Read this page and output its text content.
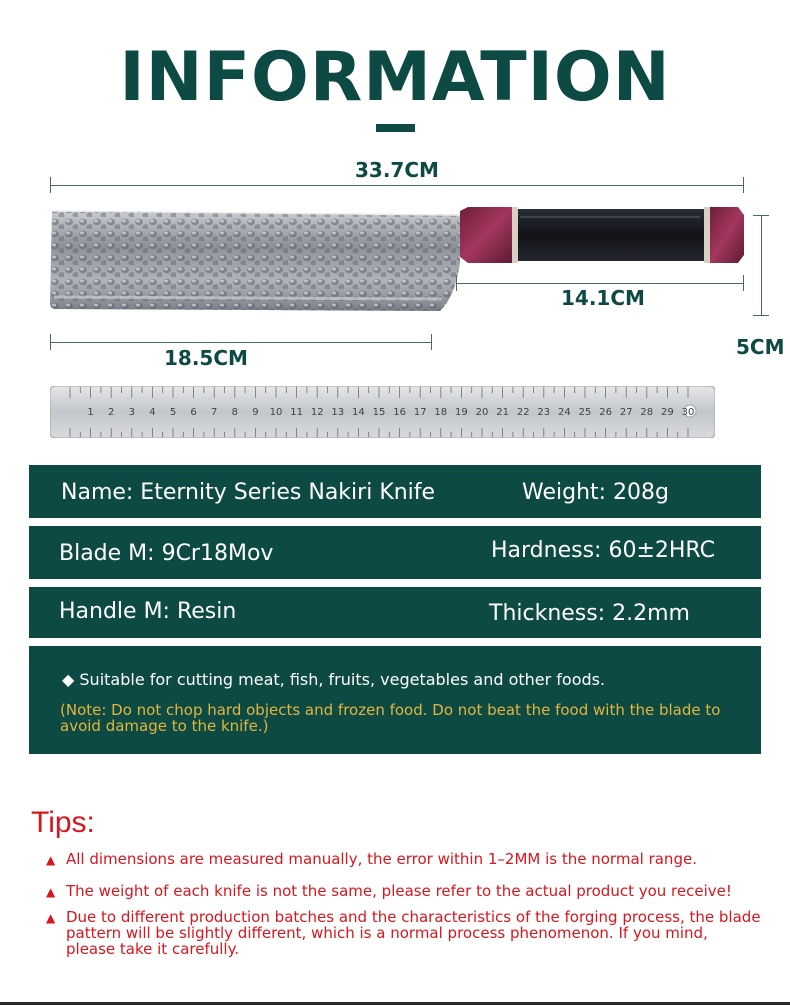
INFORMATION
33.7CM
5CM
14.1CM
18.5CM
1 2 3 4 5 6 7 8 9 10 11 12 13 14 15 16 17 18 19 20 21 22 23 24 25 26 27 28 29 30
Name: Eternity Series Nakiri Knife	Weight: 208g
Blade M: 9Cr18Mov	Hardness: 60±2HRC
Handle M: Resin	Thickness: 2.2mm
◆ Suitable for cutting meat, fish, fruits, vegetables and other foods.
(Note: Do not chop hard objects and frozen food. Do not beat the food with the blade to avoid damage to the knife.)
Tips:
▲ All dimensions are measured manually, the error within 1–2MM is the normal range.
▲ The weight of each knife is not the same, please refer to the actual product you receive!
▲ Due to different production batches and the characteristics of the forging process, the blade pattern will be slightly different, which is a normal process phenomenon. If you mind, please take it carefully.
